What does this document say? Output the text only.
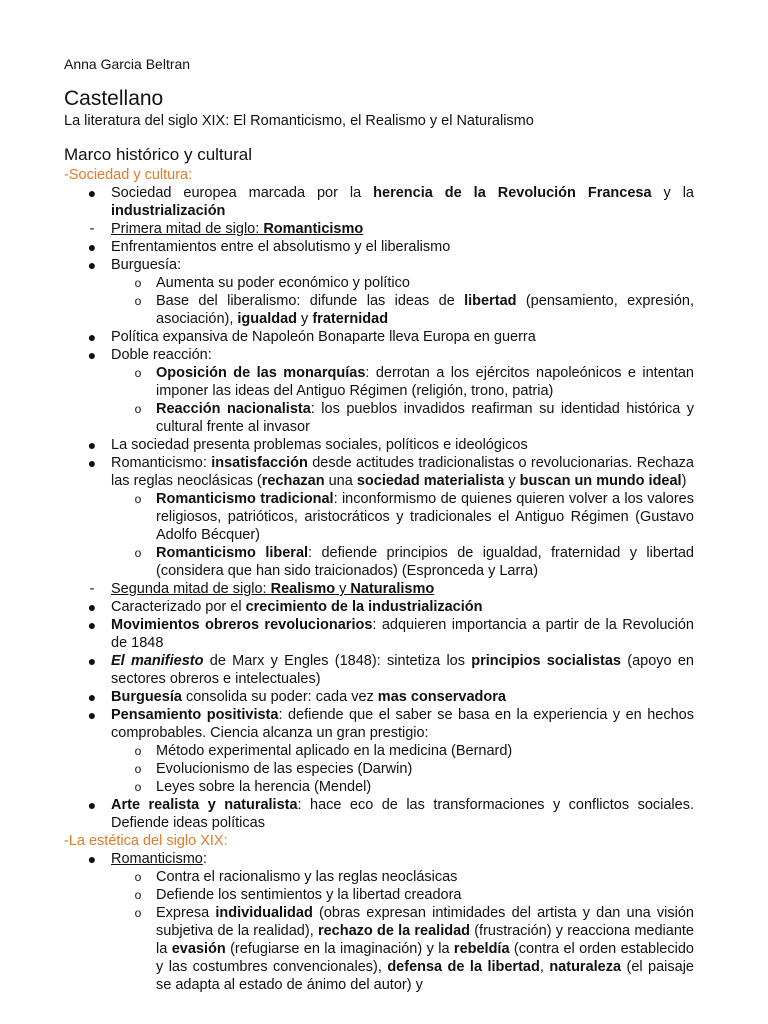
Anna Garcia Beltran

Castellano

La literatura del siglo XIX: El Romanticismo, el Realismo y el Naturalismo

Marco histórico y cultural

-Sociedad y cultura:

● Sociedad europea marcada por la herencia de la Revolución Francesa y la industrialización
- Primera mitad de siglo: Romanticismo
● Enfrentamientos entre el absolutismo y el liberalismo
● Burguesía:
o Aumenta su poder económico y político
o Base del liberalismo: difunde las ideas de libertad (pensamiento, expresión, asociación), igualdad y fraternidad
● Política expansiva de Napoleón Bonaparte lleva Europa en guerra
● Doble reacción:
o Oposición de las monarquías: derrotan a los ejércitos napoleónicos e intentan imponer las ideas del Antiguo Régimen (religión, trono, patria)
o Reacción nacionalista: los pueblos invadidos reafirman su identidad histórica y cultural frente al invasor
● La sociedad presenta problemas sociales, políticos e ideológicos
● Romanticismo: insatisfacción desde actitudes tradicionalistas o revolucionarias. Rechaza las reglas neoclásicas (rechazan una sociedad materialista y buscan un mundo ideal)
o Romanticismo tradicional: inconformismo de quienes quieren volver a los valores religiosos, patrióticos, aristocráticos y tradicionales el Antiguo Régimen (Gustavo Adolfo Bécquer)
o Romanticismo liberal: defiende principios de igualdad, fraternidad y libertad (considera que han sido traicionados) (Espronceda y Larra)
- Segunda mitad de siglo: Realismo y Naturalismo
● Caracterizado por el crecimiento de la industrialización
● Movimientos obreros revolucionarios: adquieren importancia a partir de la Revolución de 1848
● El manifiesto de Marx y Engles (1848): sintetiza los principios socialistas (apoyo en sectores obreros e intelectuales)
● Burguesía consolida su poder: cada vez mas conservadora
● Pensamiento positivista: defiende que el saber se basa en la experiencia y en hechos comprobables. Ciencia alcanza un gran prestigio:
o Método experimental aplicado en la medicina (Bernard)
o Evolucionismo de las especies (Darwin)
o Leyes sobre la herencia (Mendel)
● Arte realista y naturalista: hace eco de las transformaciones y conflictos sociales. Defiende ideas políticas

-La estética del siglo XIX:

● Romanticismo:
o Contra el racionalismo y las reglas neoclásicas
o Defiende los sentimientos y la libertad creadora
o Expresa individualidad (obras expresan intimidades del artista y dan una visión subjetiva de la realidad), rechazo de la realidad (frustración) y reacciona mediante la evasión (refugiarse en la imaginación) y la rebeldía (contra el orden establecido y las costumbres convencionales), defensa de la libertad, naturaleza (el paisaje se adapta al estado de ánimo del autor) y
